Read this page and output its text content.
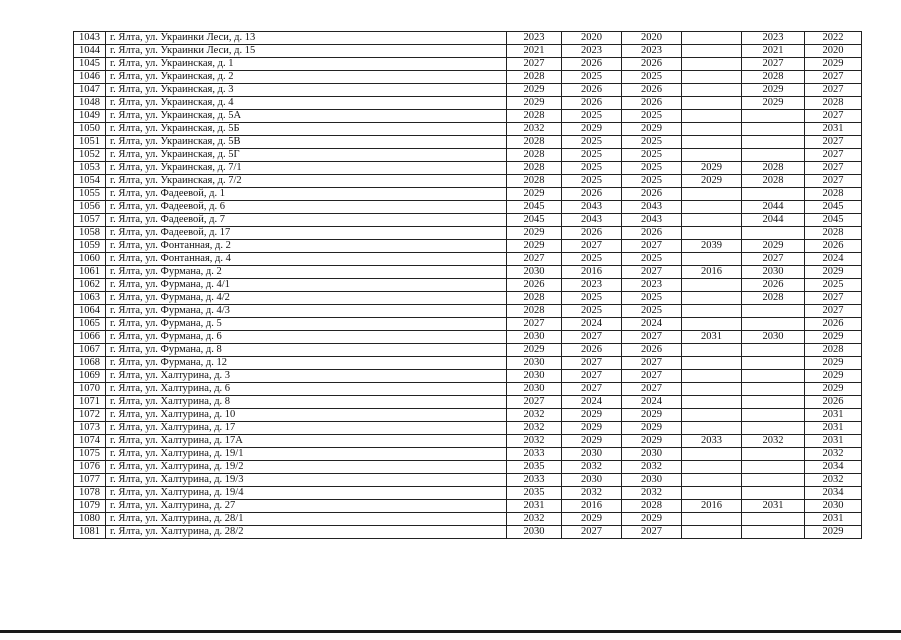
1043	г. Ялта, ул. Украинки Леси, д. 13	2023	2020	2020		2023	2022
1044	г. Ялта, ул. Украинки Леси, д. 15	2021	2023	2023		2021	2020
1045	г. Ялта, ул. Украинская, д. 1	2027	2026	2026		2027	2029
1046	г. Ялта, ул. Украинская, д. 2	2028	2025	2025		2028	2027
1047	г. Ялта, ул. Украинская, д. 3	2029	2026	2026		2029	2027
1048	г. Ялта, ул. Украинская, д. 4	2029	2026	2026		2029	2028
1049	г. Ялта, ул. Украинская, д. 5А	2028	2025	2025			2027
1050	г. Ялта, ул. Украинская, д. 5Б	2032	2029	2029			2031
1051	г. Ялта, ул. Украинская, д. 5В	2028	2025	2025			2027
1052	г. Ялта, ул. Украинская, д. 5Г	2028	2025	2025			2027
1053	г. Ялта, ул. Украинская, д. 7/1	2028	2025	2025	2029	2028	2027
1054	г. Ялта, ул. Украинская, д. 7/2	2028	2025	2025	2029	2028	2027
1055	г. Ялта, ул. Фадеевой, д. 1	2029	2026	2026			2028
1056	г. Ялта, ул. Фадеевой, д. 6	2045	2043	2043		2044	2045
1057	г. Ялта, ул. Фадеевой, д. 7	2045	2043	2043		2044	2045
1058	г. Ялта, ул. Фадеевой, д. 17	2029	2026	2026			2028
1059	г. Ялта, ул. Фонтанная, д. 2	2029	2027	2027	2039	2029	2026
1060	г. Ялта, ул. Фонтанная, д. 4	2027	2025	2025		2027	2024
1061	г. Ялта, ул. Фурмана, д. 2	2030	2016	2027	2016	2030	2029
1062	г. Ялта, ул. Фурмана, д. 4/1	2026	2023	2023		2026	2025
1063	г. Ялта, ул. Фурмана, д. 4/2	2028	2025	2025		2028	2027
1064	г. Ялта, ул. Фурмана, д. 4/3	2028	2025	2025			2027
1065	г. Ялта, ул. Фурмана, д. 5	2027	2024	2024			2026
1066	г. Ялта, ул. Фурмана, д. 6	2030	2027	2027	2031	2030	2029
1067	г. Ялта, ул. Фурмана, д. 8	2029	2026	2026			2028
1068	г. Ялта, ул. Фурмана, д. 12	2030	2027	2027			2029
1069	г. Ялта, ул. Халтурина, д. 3	2030	2027	2027			2029
1070	г. Ялта, ул. Халтурина, д. 6	2030	2027	2027			2029
1071	г. Ялта, ул. Халтурина, д. 8	2027	2024	2024			2026
1072	г. Ялта, ул. Халтурина, д. 10	2032	2029	2029			2031
1073	г. Ялта, ул. Халтурина, д. 17	2032	2029	2029			2031
1074	г. Ялта, ул. Халтурина, д. 17А	2032	2029	2029	2033	2032	2031
1075	г. Ялта, ул. Халтурина, д. 19/1	2033	2030	2030			2032
1076	г. Ялта, ул. Халтурина, д. 19/2	2035	2032	2032			2034
1077	г. Ялта, ул. Халтурина, д. 19/3	2033	2030	2030			2032
1078	г. Ялта, ул. Халтурина, д. 19/4	2035	2032	2032			2034
1079	г. Ялта, ул. Халтурина, д. 27	2031	2016	2028	2016	2031	2030
1080	г. Ялта, ул. Халтурина, д. 28/1	2032	2029	2029			2031
1081	г. Ялта, ул. Халтурина, д. 28/2	2030	2027	2027			2029
